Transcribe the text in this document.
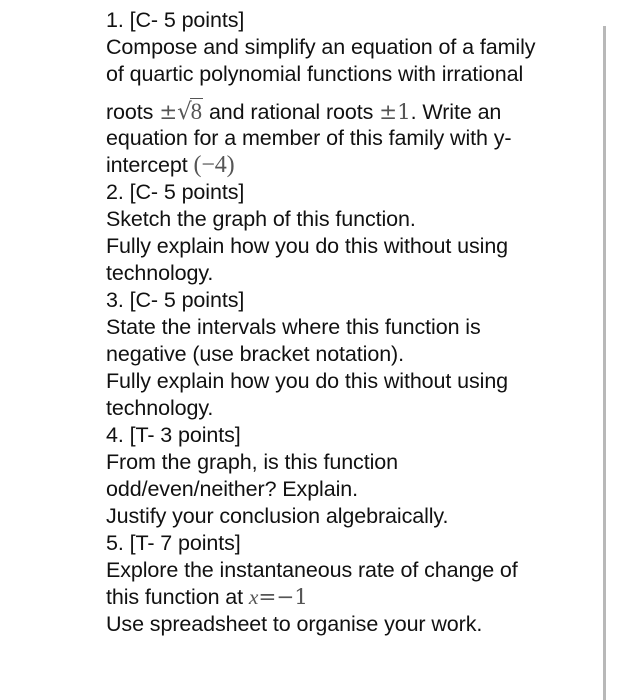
1. [C- 5 points]
Compose and simplify an equation of a family
of quartic polynomial functions with irrational
roots ±√8 and rational roots ±1. Write an
equation for a member of this family with y-
intercept (−4)
2. [C- 5 points]
Sketch the graph of this function.
Fully explain how you do this without using
technology.
3. [C- 5 points]
State the intervals where this function is
negative (use bracket notation).
Fully explain how you do this without using
technology.
4. [T- 3 points]
From the graph, is this function
odd/even/neither? Explain.
Justify your conclusion algebraically.
5. [T- 7 points]
Explore the instantaneous rate of change of
this function at x=−1
Use spreadsheet to organise your work.
